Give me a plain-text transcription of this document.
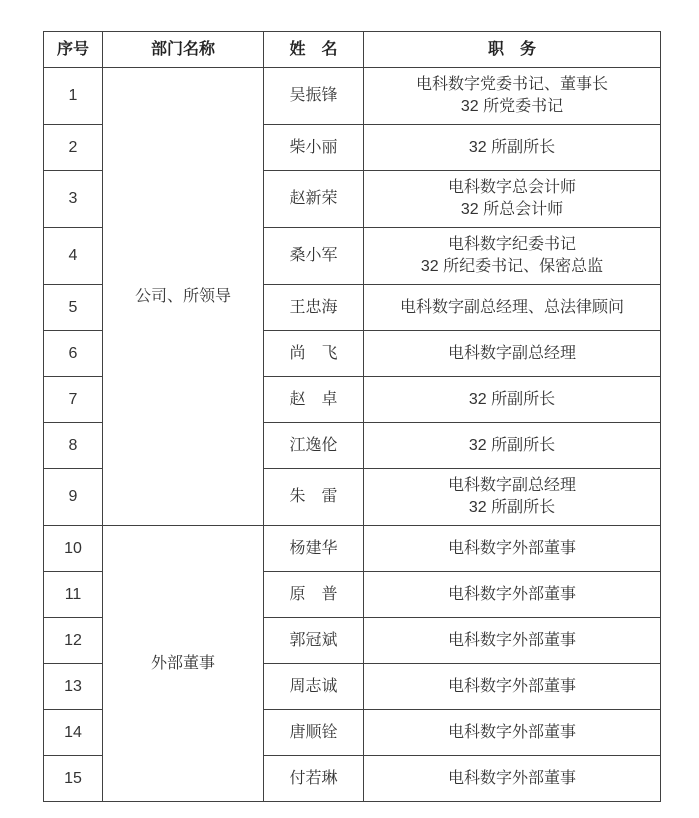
序号	部门名称	姓　名	职　务
1	公司、所领导	吴振锋	电科数字党委书记、董事长
32 所党委书记

2		柴小丽	32 所副所长

3		赵新荣	电科数字总会计师
32 所总会计师

4		桑小军	电科数字纪委书记
32 所纪委书记、保密总监

5		王忠海	电科数字副总经理、总法律顾问

6		尚　飞	电科数字副总经理

7		赵　卓	32 所副所长

8		江逸伦	32 所副所长

9		朱　雷	电科数字副总经理
32 所副所长

10	外部董事	杨建华	电科数字外部董事

11		原　普	电科数字外部董事

12		郭冠斌	电科数字外部董事

13		周志诚	电科数字外部董事

14		唐顺铨	电科数字外部董事

15		付若琳	电科数字外部董事
